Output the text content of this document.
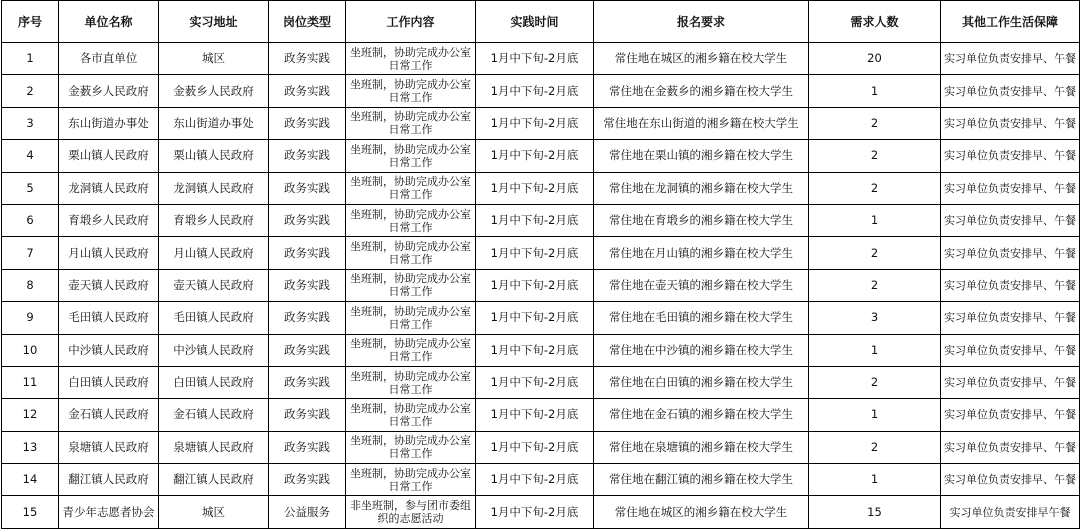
序号	单位名称	实习地址	岗位类型	工作内容	实践时间	报名要求	需求人数	其他工作生活保障
1	各市直单位	城区	政务实践	坐班制，协助完成办公室日常工作	1月中下旬-2月底	常住地在城区的湘乡籍在校大学生	20	实习单位负责安排早、午餐
2	金薮乡人民政府	金薮乡人民政府	政务实践	坐班制，协助完成办公室日常工作	1月中下旬-2月底	常住地在金薮乡的湘乡籍在校大学生	1	实习单位负责安排早、午餐
3	东山街道办事处	东山街道办事处	政务实践	坐班制，协助完成办公室日常工作	1月中下旬-2月底	常住地在东山街道的湘乡籍在校大学生	2	实习单位负责安排早、午餐
4	栗山镇人民政府	栗山镇人民政府	政务实践	坐班制，协助完成办公室日常工作	1月中下旬-2月底	常住地在栗山镇的湘乡籍在校大学生	2	实习单位负责安排早、午餐
5	龙洞镇人民政府	龙洞镇人民政府	政务实践	坐班制，协助完成办公室日常工作	1月中下旬-2月底	常住地在龙洞镇的湘乡籍在校大学生	2	实习单位负责安排早、午餐
6	育塅乡人民政府	育塅乡人民政府	政务实践	坐班制，协助完成办公室日常工作	1月中下旬-2月底	常住地在育塅乡的湘乡籍在校大学生	1	实习单位负责安排早、午餐
7	月山镇人民政府	月山镇人民政府	政务实践	坐班制，协助完成办公室日常工作	1月中下旬-2月底	常住地在月山镇的湘乡籍在校大学生	2	实习单位负责安排早、午餐
8	壶天镇人民政府	壶天镇人民政府	政务实践	坐班制，协助完成办公室日常工作	1月中下旬-2月底	常住地在壶天镇的湘乡籍在校大学生	2	实习单位负责安排早、午餐
9	毛田镇人民政府	毛田镇人民政府	政务实践	坐班制，协助完成办公室日常工作	1月中下旬-2月底	常住地在毛田镇的湘乡籍在校大学生	3	实习单位负责安排早、午餐
10	中沙镇人民政府	中沙镇人民政府	政务实践	坐班制，协助完成办公室日常工作	1月中下旬-2月底	常住地在中沙镇的湘乡籍在校大学生	1	实习单位负责安排早、午餐
11	白田镇人民政府	白田镇人民政府	政务实践	坐班制，协助完成办公室日常工作	1月中下旬-2月底	常住地在白田镇的湘乡籍在校大学生	2	实习单位负责安排早、午餐
12	金石镇人民政府	金石镇人民政府	政务实践	坐班制，协助完成办公室日常工作	1月中下旬-2月底	常住地在金石镇的湘乡籍在校大学生	1	实习单位负责安排早、午餐
13	泉塘镇人民政府	泉塘镇人民政府	政务实践	坐班制，协助完成办公室日常工作	1月中下旬-2月底	常住地在泉塘镇的湘乡籍在校大学生	2	实习单位负责安排早、午餐
14	翻江镇人民政府	翻江镇人民政府	政务实践	坐班制，协助完成办公室日常工作	1月中下旬-2月底	常住地在翻江镇的湘乡籍在校大学生	1	实习单位负责安排早、午餐
15	青少年志愿者协会	城区	公益服务	非坐班制，参与团市委组织的志愿活动	1月中下旬-2月底	常住地在城区的湘乡籍在校大学生	15	实习单位负责安排早午餐
